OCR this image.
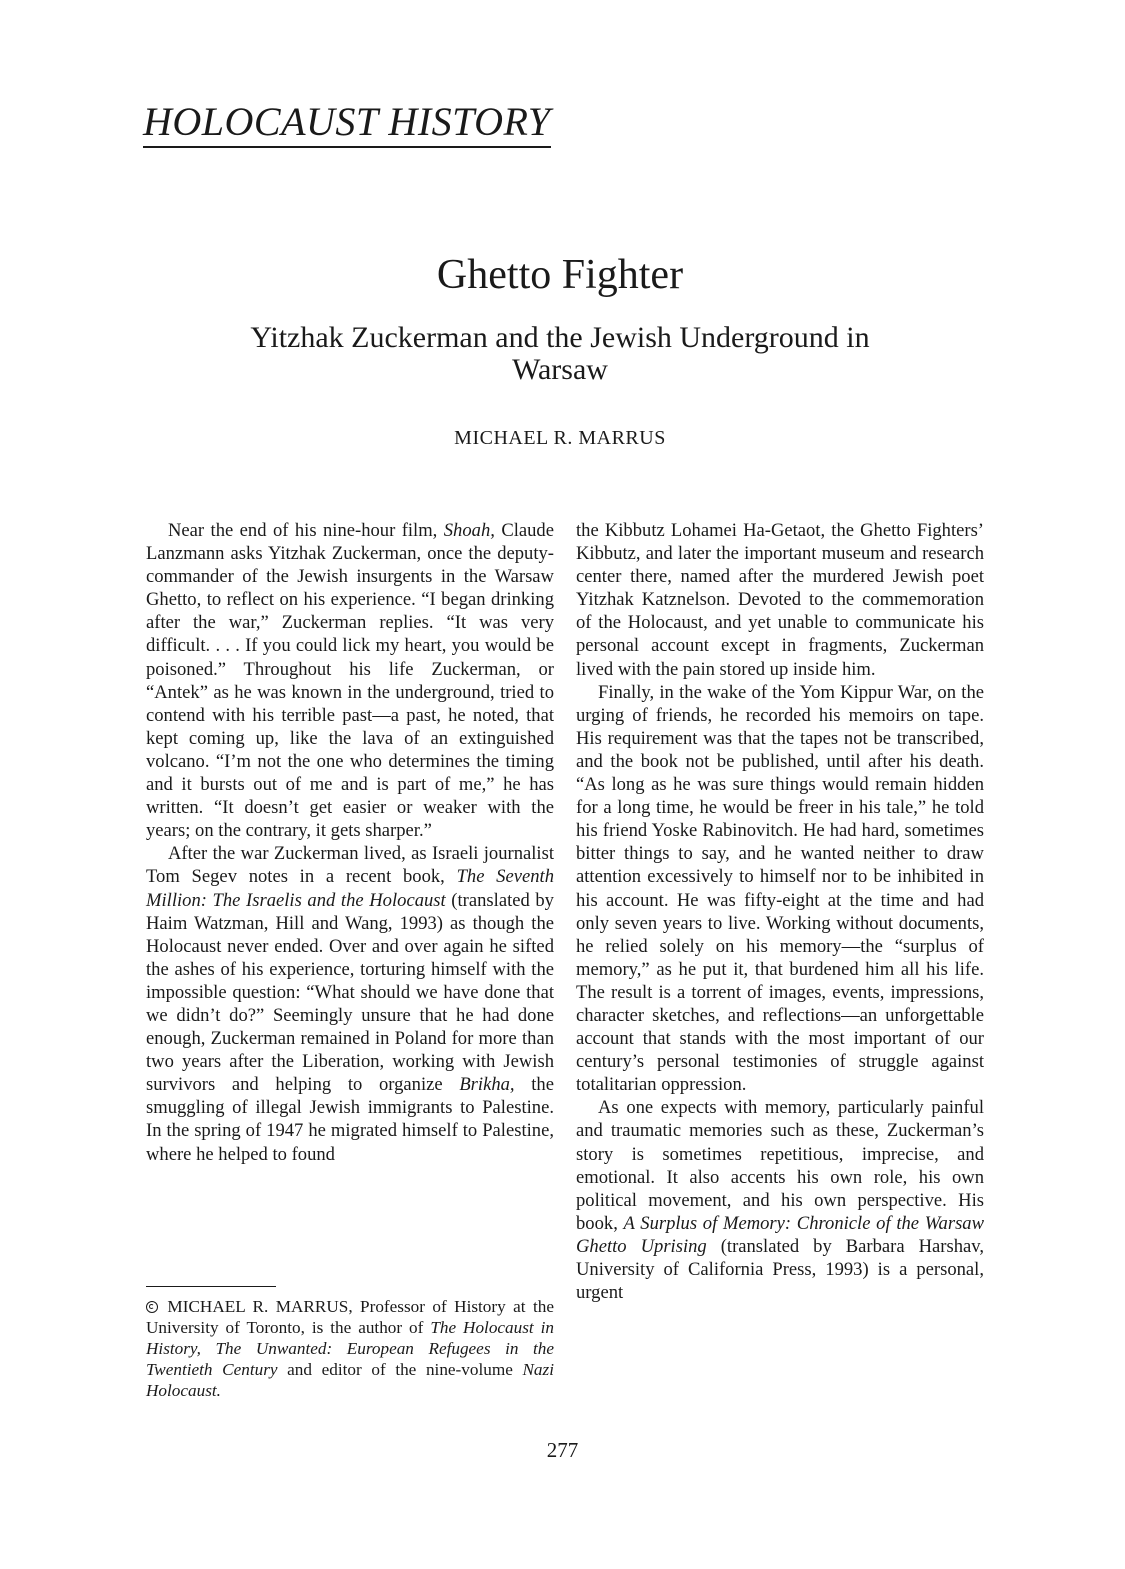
HOLOCAUST HISTORY
Ghetto Fighter
Yitzhak Zuckerman and the Jewish Underground in Warsaw
MICHAEL R. MARRUS

Near the end of his nine-hour film, Shoah, Claude Lanzmann asks Yitzhak Zuckerman, once the deputy-commander of the Jewish insurgents in the Warsaw Ghetto, to reflect on his experience. “I began drinking after the war,” Zuckerman replies. “It was very difficult. . . . If you could lick my heart, you would be poisoned.” Throughout his life Zuckerman, or “Antek” as he was known in the underground, tried to contend with his terrible past—a past, he noted, that kept coming up, like the lava of an extinguished volcano. “I’m not the one who determines the timing and it bursts out of me and is part of me,” he has written. “It doesn’t get easier or weaker with the years; on the contrary, it gets sharper.”

After the war Zuckerman lived, as Israeli journalist Tom Segev notes in a recent book, The Seventh Million: The Israelis and the Holocaust (translated by Haim Watzman, Hill and Wang, 1993) as though the Holocaust never ended. Over and over again he sifted the ashes of his experience, torturing himself with the impossible question: “What should we have done that we didn’t do?” Seemingly unsure that he had done enough, Zuckerman remained in Poland for more than two years after the Liberation, working with Jewish survivors and helping to organize Brikha, the smuggling of illegal Jewish immigrants to Palestine. In the spring of 1947 he migrated himself to Palestine, where he helped to found

MICHAEL R. MARRUS, Professor of History at the University of Toronto, is the author of The Holocaust in History, The Unwanted: European Refugees in the Twentieth Century and editor of the nine-volume Nazi Holocaust.

the Kibbutz Lohamei Ha-Getaot, the Ghetto Fighters’ Kibbutz, and later the important museum and research center there, named after the murdered Jewish poet Yitzhak Katznelson. Devoted to the commemoration of the Holocaust, and yet unable to communicate his personal account except in fragments, Zuckerman lived with the pain stored up inside him.

Finally, in the wake of the Yom Kippur War, on the urging of friends, he recorded his memoirs on tape. His requirement was that the tapes not be transcribed, and the book not be published, until after his death. “As long as he was sure things would remain hidden for a long time, he would be freer in his tale,” he told his friend Yoske Rabinovitch. He had hard, sometimes bitter things to say, and he wanted neither to draw attention excessively to himself nor to be inhibited in his account. He was fifty-eight at the time and had only seven years to live. Working without documents, he relied solely on his memory—the “surplus of memory,” as he put it, that burdened him all his life. The result is a torrent of images, events, impressions, character sketches, and reflections—an unforgettable account that stands with the most important of our century’s personal testimonies of struggle against totalitarian oppression.

As one expects with memory, particularly painful and traumatic memories such as these, Zuckerman’s story is sometimes repetitious, imprecise, and emotional. It also accents his own role, his own political movement, and his own perspective. His book, A Surplus of Memory: Chronicle of the Warsaw Ghetto Uprising (translated by Barbara Harshav, University of California Press, 1993) is a personal, urgent

277
